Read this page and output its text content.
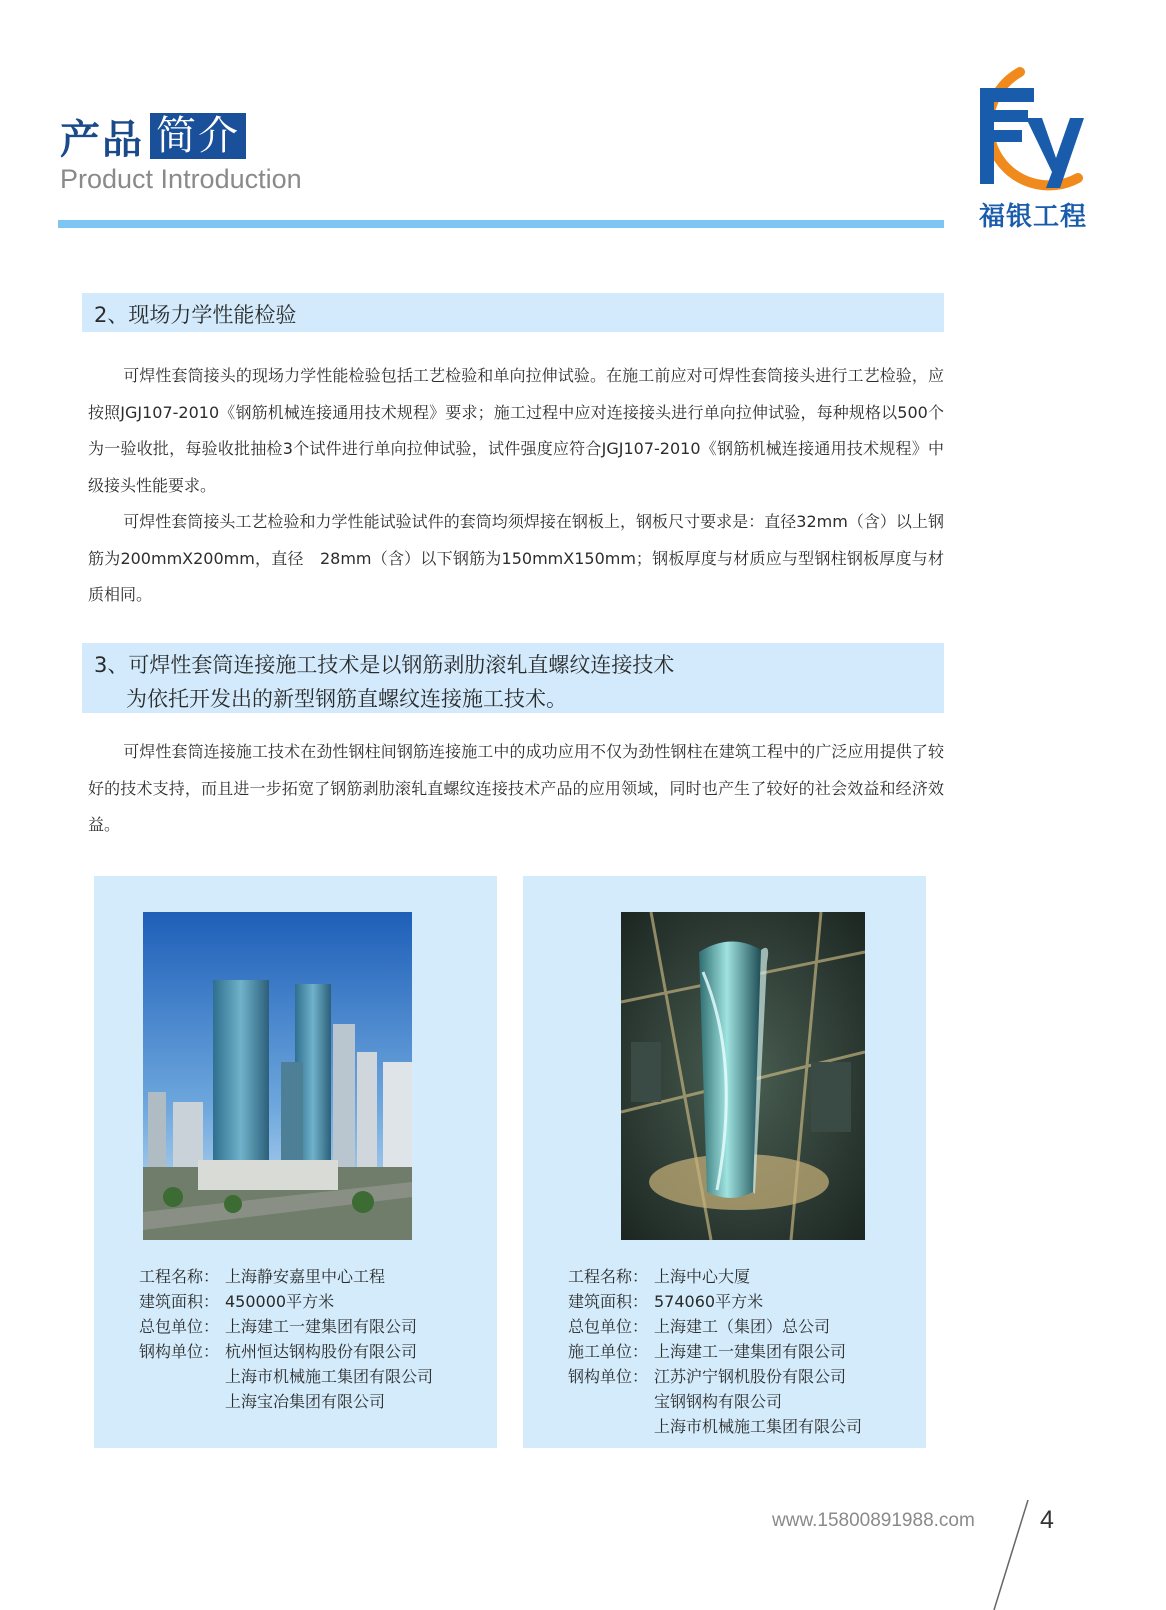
产品 简介
Product Introduction
福银工程
2、现场力学性能检验
可焊性套筒接头的现场力学性能检验包括工艺检验和单向拉伸试验。在施工前应对可焊性套筒接头进行工艺检验，应按照JGJ107-2010《钢筋机械连接通用技术规程》要求；施工过程中应对连接接头进行单向拉伸试验，每种规格以500个为一验收批，每验收批抽检3个试件进行单向拉伸试验，试件强度应符合JGJ107-2010《钢筋机械连接通用技术规程》中级接头性能要求。
可焊性套筒接头工艺检验和力学性能试验试件的套筒均须焊接在钢板上，钢板尺寸要求是：直径32mm（含）以上钢筋为200mmX200mm，直径　28mm（含）以下钢筋为150mmX150mm；钢板厚度与材质应与型钢柱钢板厚度与材质相同。
3、可焊性套筒连接施工技术是以钢筋剥肋滚轧直螺纹连接技术
为依托开发出的新型钢筋直螺纹连接施工技术。
可焊性套筒连接施工技术在劲性钢柱间钢筋连接施工中的成功应用不仅为劲性钢柱在建筑工程中的广泛应用提供了较好的技术支持，而且进一步拓宽了钢筋剥肋滚轧直螺纹连接技术产品的应用领域，同时也产生了较好的社会效益和经济效益。
工程名称： 上海静安嘉里中心工程
建筑面积： 450000平方米
总包单位： 上海建工一建集团有限公司
钢构单位： 杭州恒达钢构股份有限公司
上海市机械施工集团有限公司
上海宝冶集团有限公司
工程名称： 上海中心大厦
建筑面积： 574060平方米
总包单位： 上海建工（集团）总公司
施工单位： 上海建工一建集团有限公司
钢构单位： 江苏沪宁钢机股份有限公司
宝钢钢构有限公司
上海市机械施工集团有限公司
www.15800891988.com	4
